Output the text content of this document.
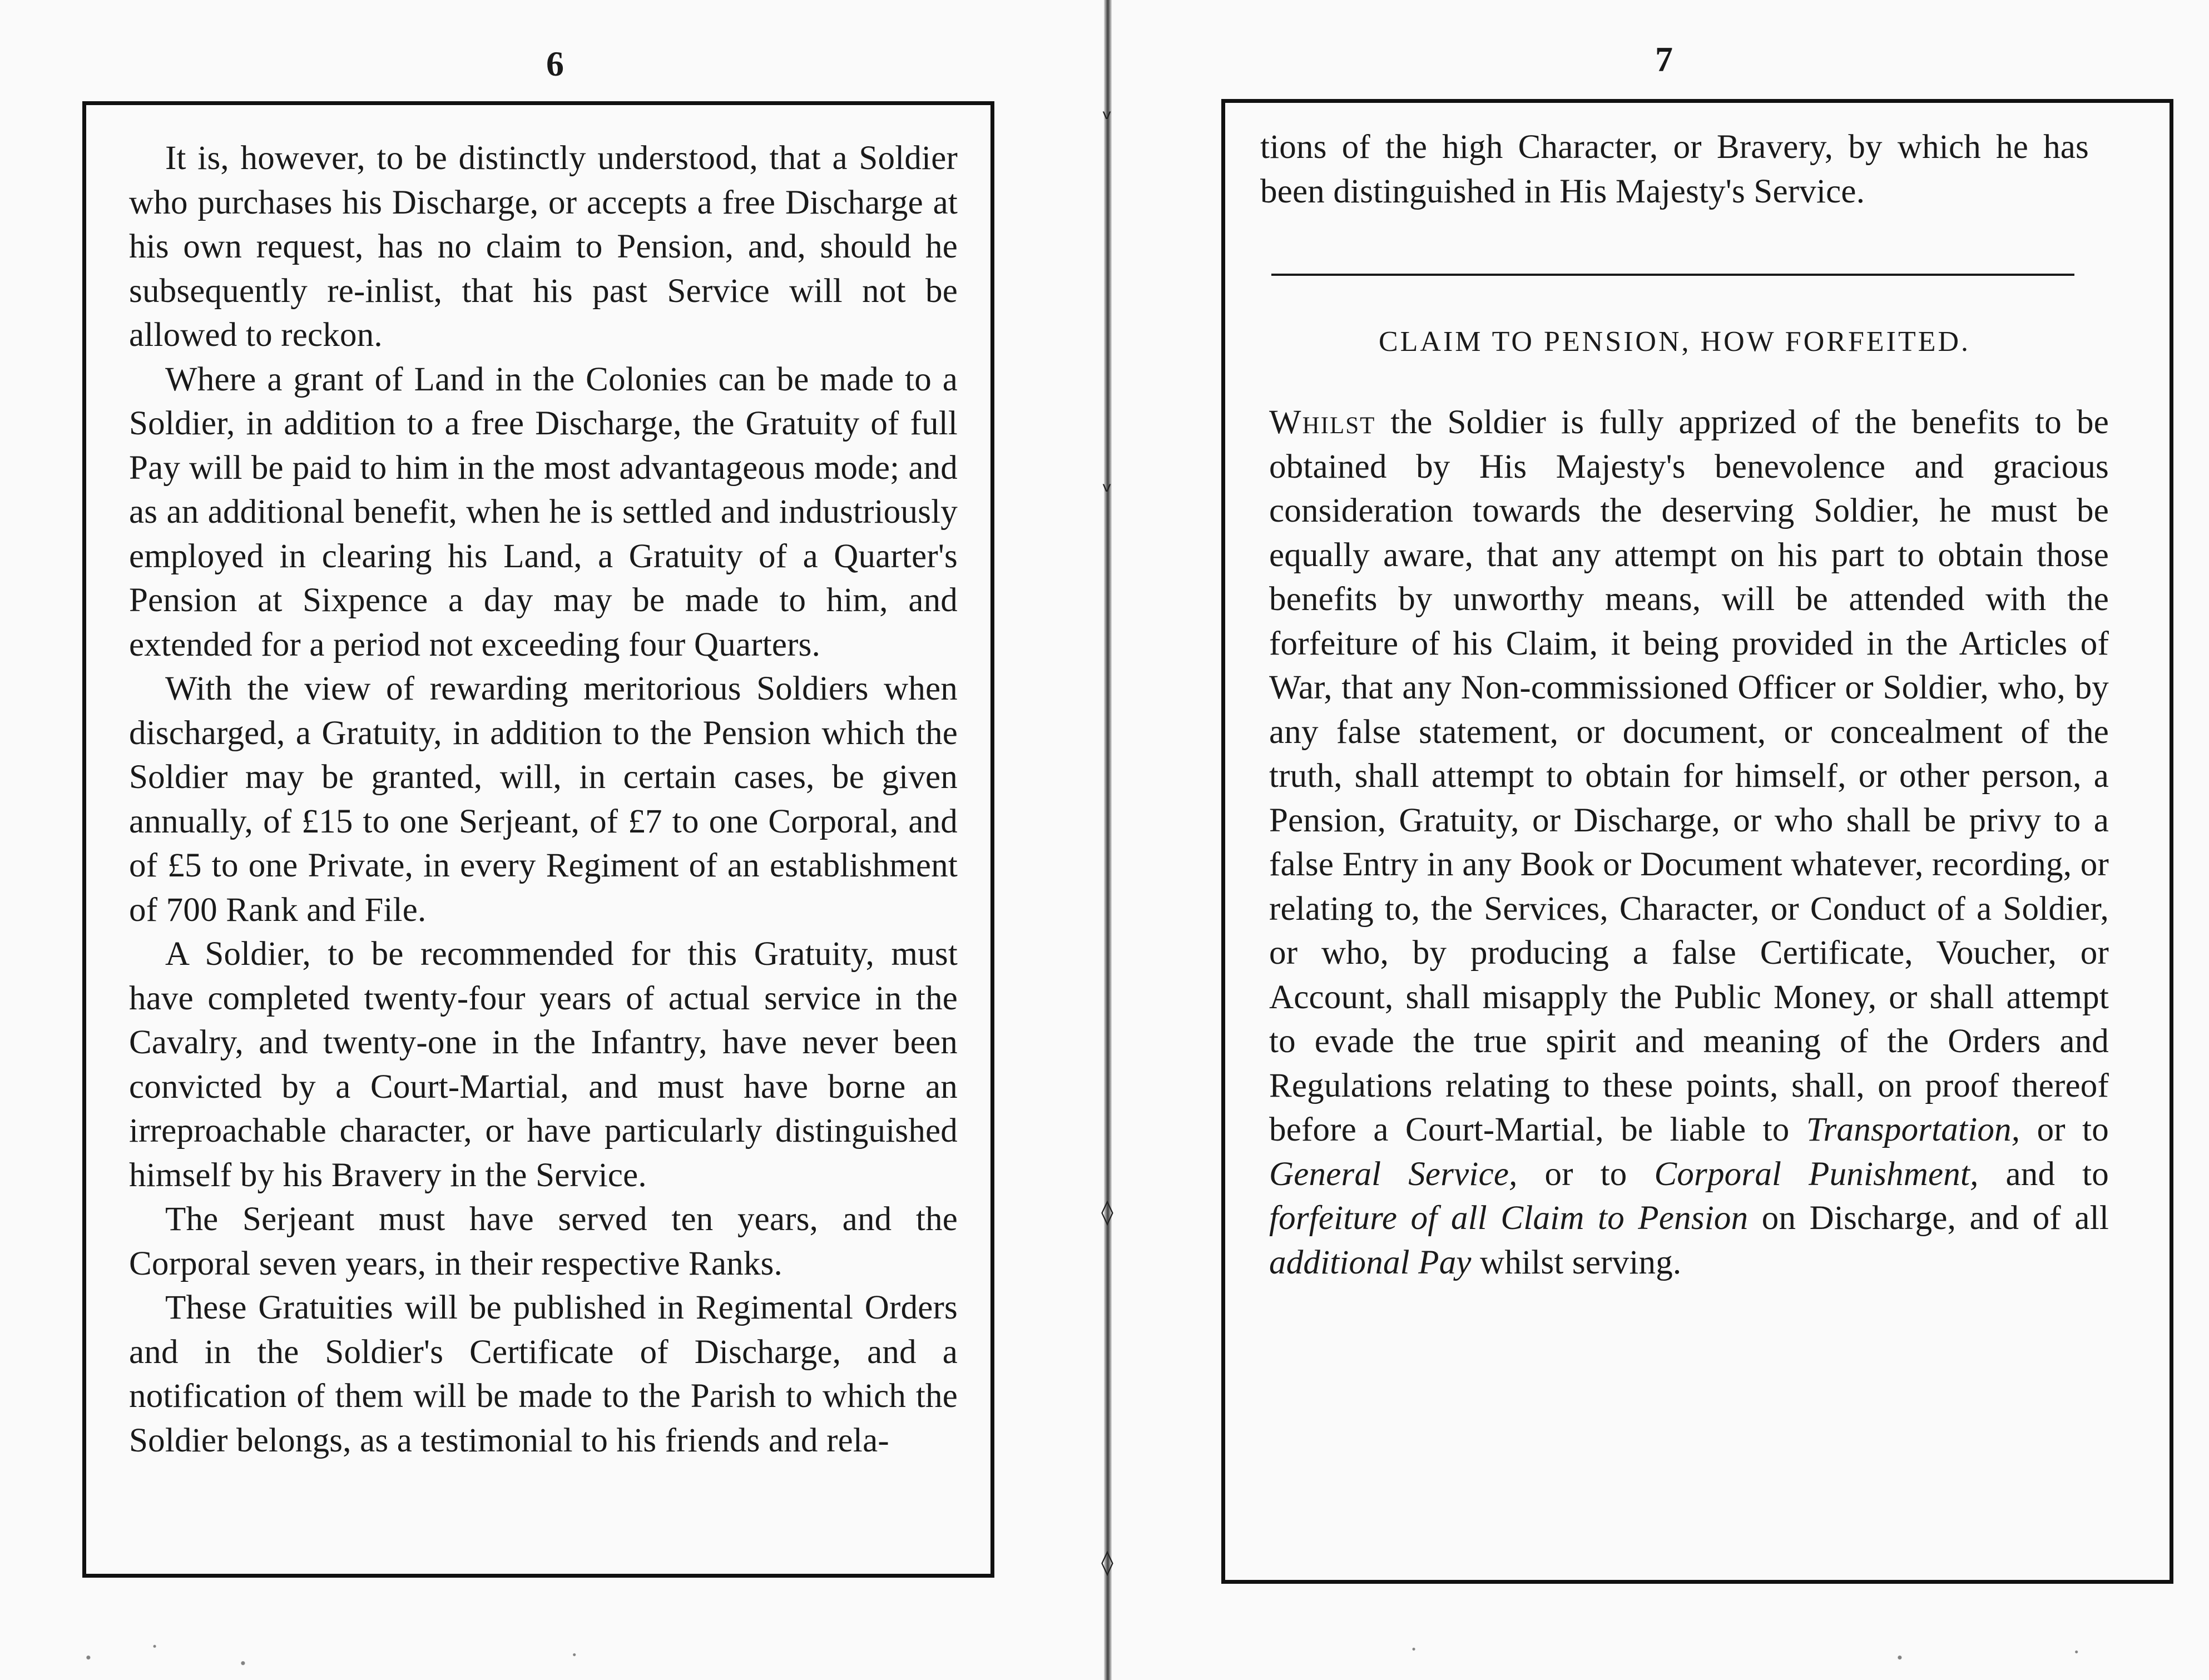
ᵥ
ᵥ
◊
◊
6

It is, however, to be distinctly understood, that a Soldier who purchases his Discharge, or accepts a free Discharge at his own request, has no claim to Pension, and, should he subsequently re-inlist, that his past Service will not be allowed to reckon.

Where a grant of Land in the Colonies can be made to a Soldier, in addition to a free Discharge, the Gratuity of full Pay will be paid to him in the most advantageous mode; and as an additional benefit, when he is settled and industriously employed in clearing his Land, a Gratuity of a Quarter's Pension at Sixpence a day may be made to him, and extended for a period not exceeding four Quarters.

With the view of rewarding meritorious Soldiers when discharged, a Gratuity, in addition to the Pension which the Soldier may be granted, will, in certain cases, be given annually, of £15 to one Serjeant, of £7 to one Corporal, and of £5 to one Private, in every Regiment of an establishment of 700 Rank and File.

A Soldier, to be recommended for this Gratuity, must have completed twenty-four years of actual service in the Cavalry, and twenty-one in the Infantry, have never been convicted by a Court-Martial, and must have borne an irreproachable character, or have particularly distinguished himself by his Bravery in the Service.

The Serjeant must have served ten years, and the Corporal seven years, in their respective Ranks.

These Gratuities will be published in Regimental Orders and in the Soldier's Certificate of Discharge, and a notification of them will be made to the Parish to which the Soldier belongs, as a testimonial to his friends and rela-

7

tions of the high Character, or Bravery, by which he has been distinguished in His Majesty's Service.

CLAIM TO PENSION, HOW FORFEITED.

Whilst the Soldier is fully apprized of the benefits to be obtained by His Majesty's benevolence and gracious consideration towards the deserving Soldier, he must be equally aware, that any attempt on his part to obtain those benefits by unworthy means, will be attended with the forfeiture of his Claim, it being provided in the Articles of War, that any Non-commissioned Officer or Soldier, who, by any false statement, or document, or concealment of the truth, shall attempt to obtain for himself, or other person, a Pension, Gratuity, or Discharge, or who shall be privy to a false Entry in any Book or Document whatever, recording, or relating to, the Services, Character, or Conduct of a Soldier, or who, by producing a false Certificate, Voucher, or Account, shall misapply the Public Money, or shall attempt to evade the true spirit and meaning of the Orders and Regulations relating to these points, shall, on proof thereof before a Court-Martial, be liable to Transportation, or to General Service, or to Corporal Punishment, and to forfeiture of all Claim to Pension on Discharge, and of all additional Pay whilst serving.
